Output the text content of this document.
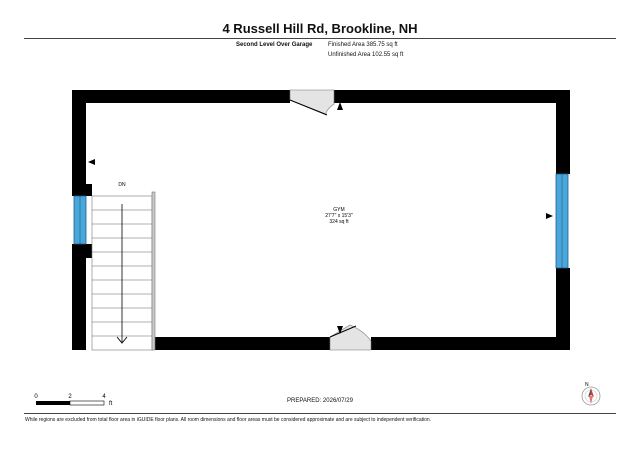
4 Russell Hill Rd, Brookline, NH
Second Level Over Garage	Finished Area 385.75 sq ft
Unfinished Area 102.55 sq ft
DN
GYM
27'7" x 15'3"
324 sq ft
0	2	4
ft
N
PREPARED: 2026/07/29
While regions are excluded from total floor area in iGUIDE floor plans. All room dimensions and floor areas must be considered approximate and are subject to independent verification.
